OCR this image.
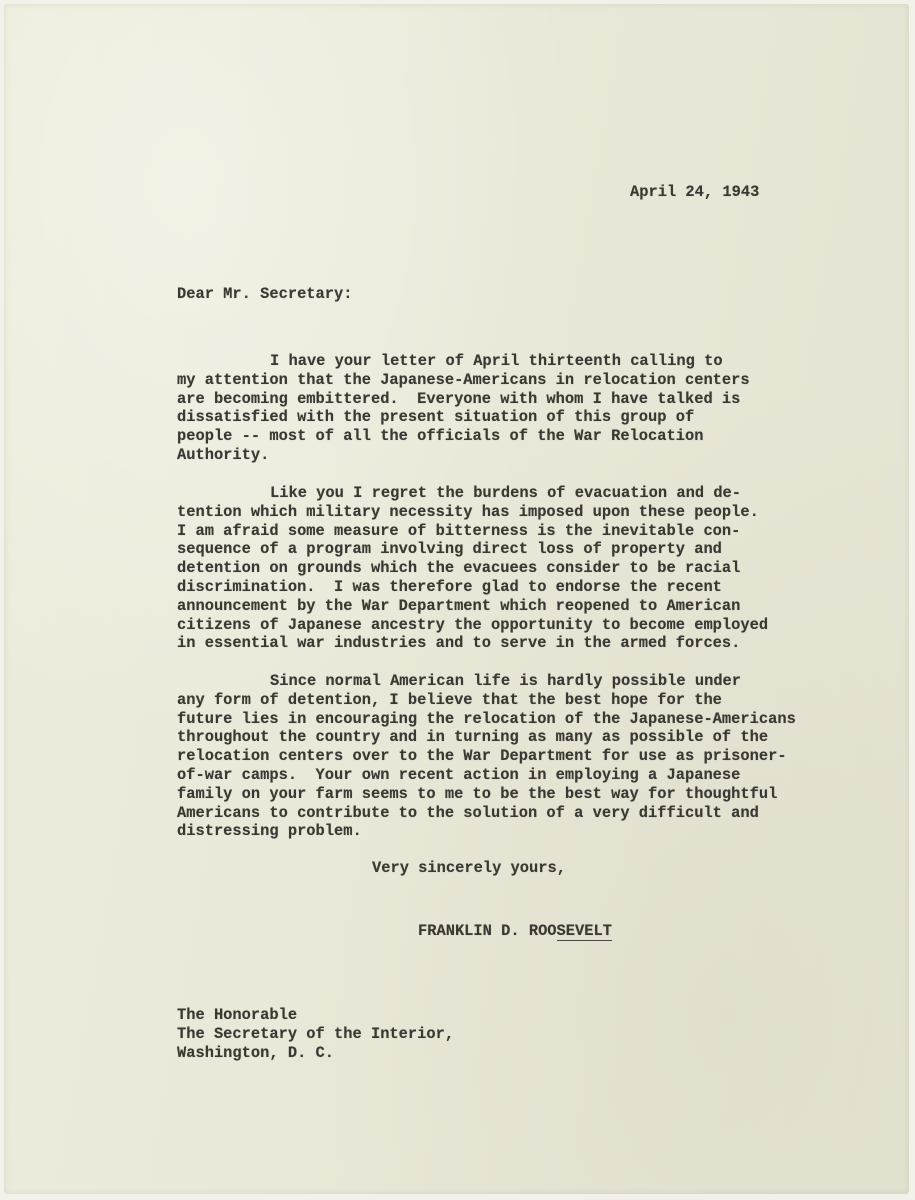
April 24, 1943
Dear Mr. Secretary:
I have your letter of April thirteenth calling to
my attention that the Japanese-Americans in relocation centers
are becoming embittered.  Everyone with whom I have talked is
dissatisfied with the present situation of this group of
people -- most of all the officials of the War Relocation
Authority.
Like you I regret the burdens of evacuation and de-
tention which military necessity has imposed upon these people.
I am afraid some measure of bitterness is the inevitable con-
sequence of a program involving direct loss of property and
detention on grounds which the evacuees consider to be racial
discrimination.  I was therefore glad to endorse the recent
announcement by the War Department which reopened to American
citizens of Japanese ancestry the opportunity to become employed
in essential war industries and to serve in the armed forces.
Since normal American life is hardly possible under
any form of detention, I believe that the best hope for the
future lies in encouraging the relocation of the Japanese-Americans
throughout the country and in turning as many as possible of the
relocation centers over to the War Department for use as prisoner-
of-war camps.  Your own recent action in employing a Japanese
family on your farm seems to me to be the best way for thoughtful
Americans to contribute to the solution of a very difficult and
distressing problem.
Very sincerely yours,
FRANKLIN D. ROOSEVELT
The Honorable
The Secretary of the Interior,
Washington, D. C.
